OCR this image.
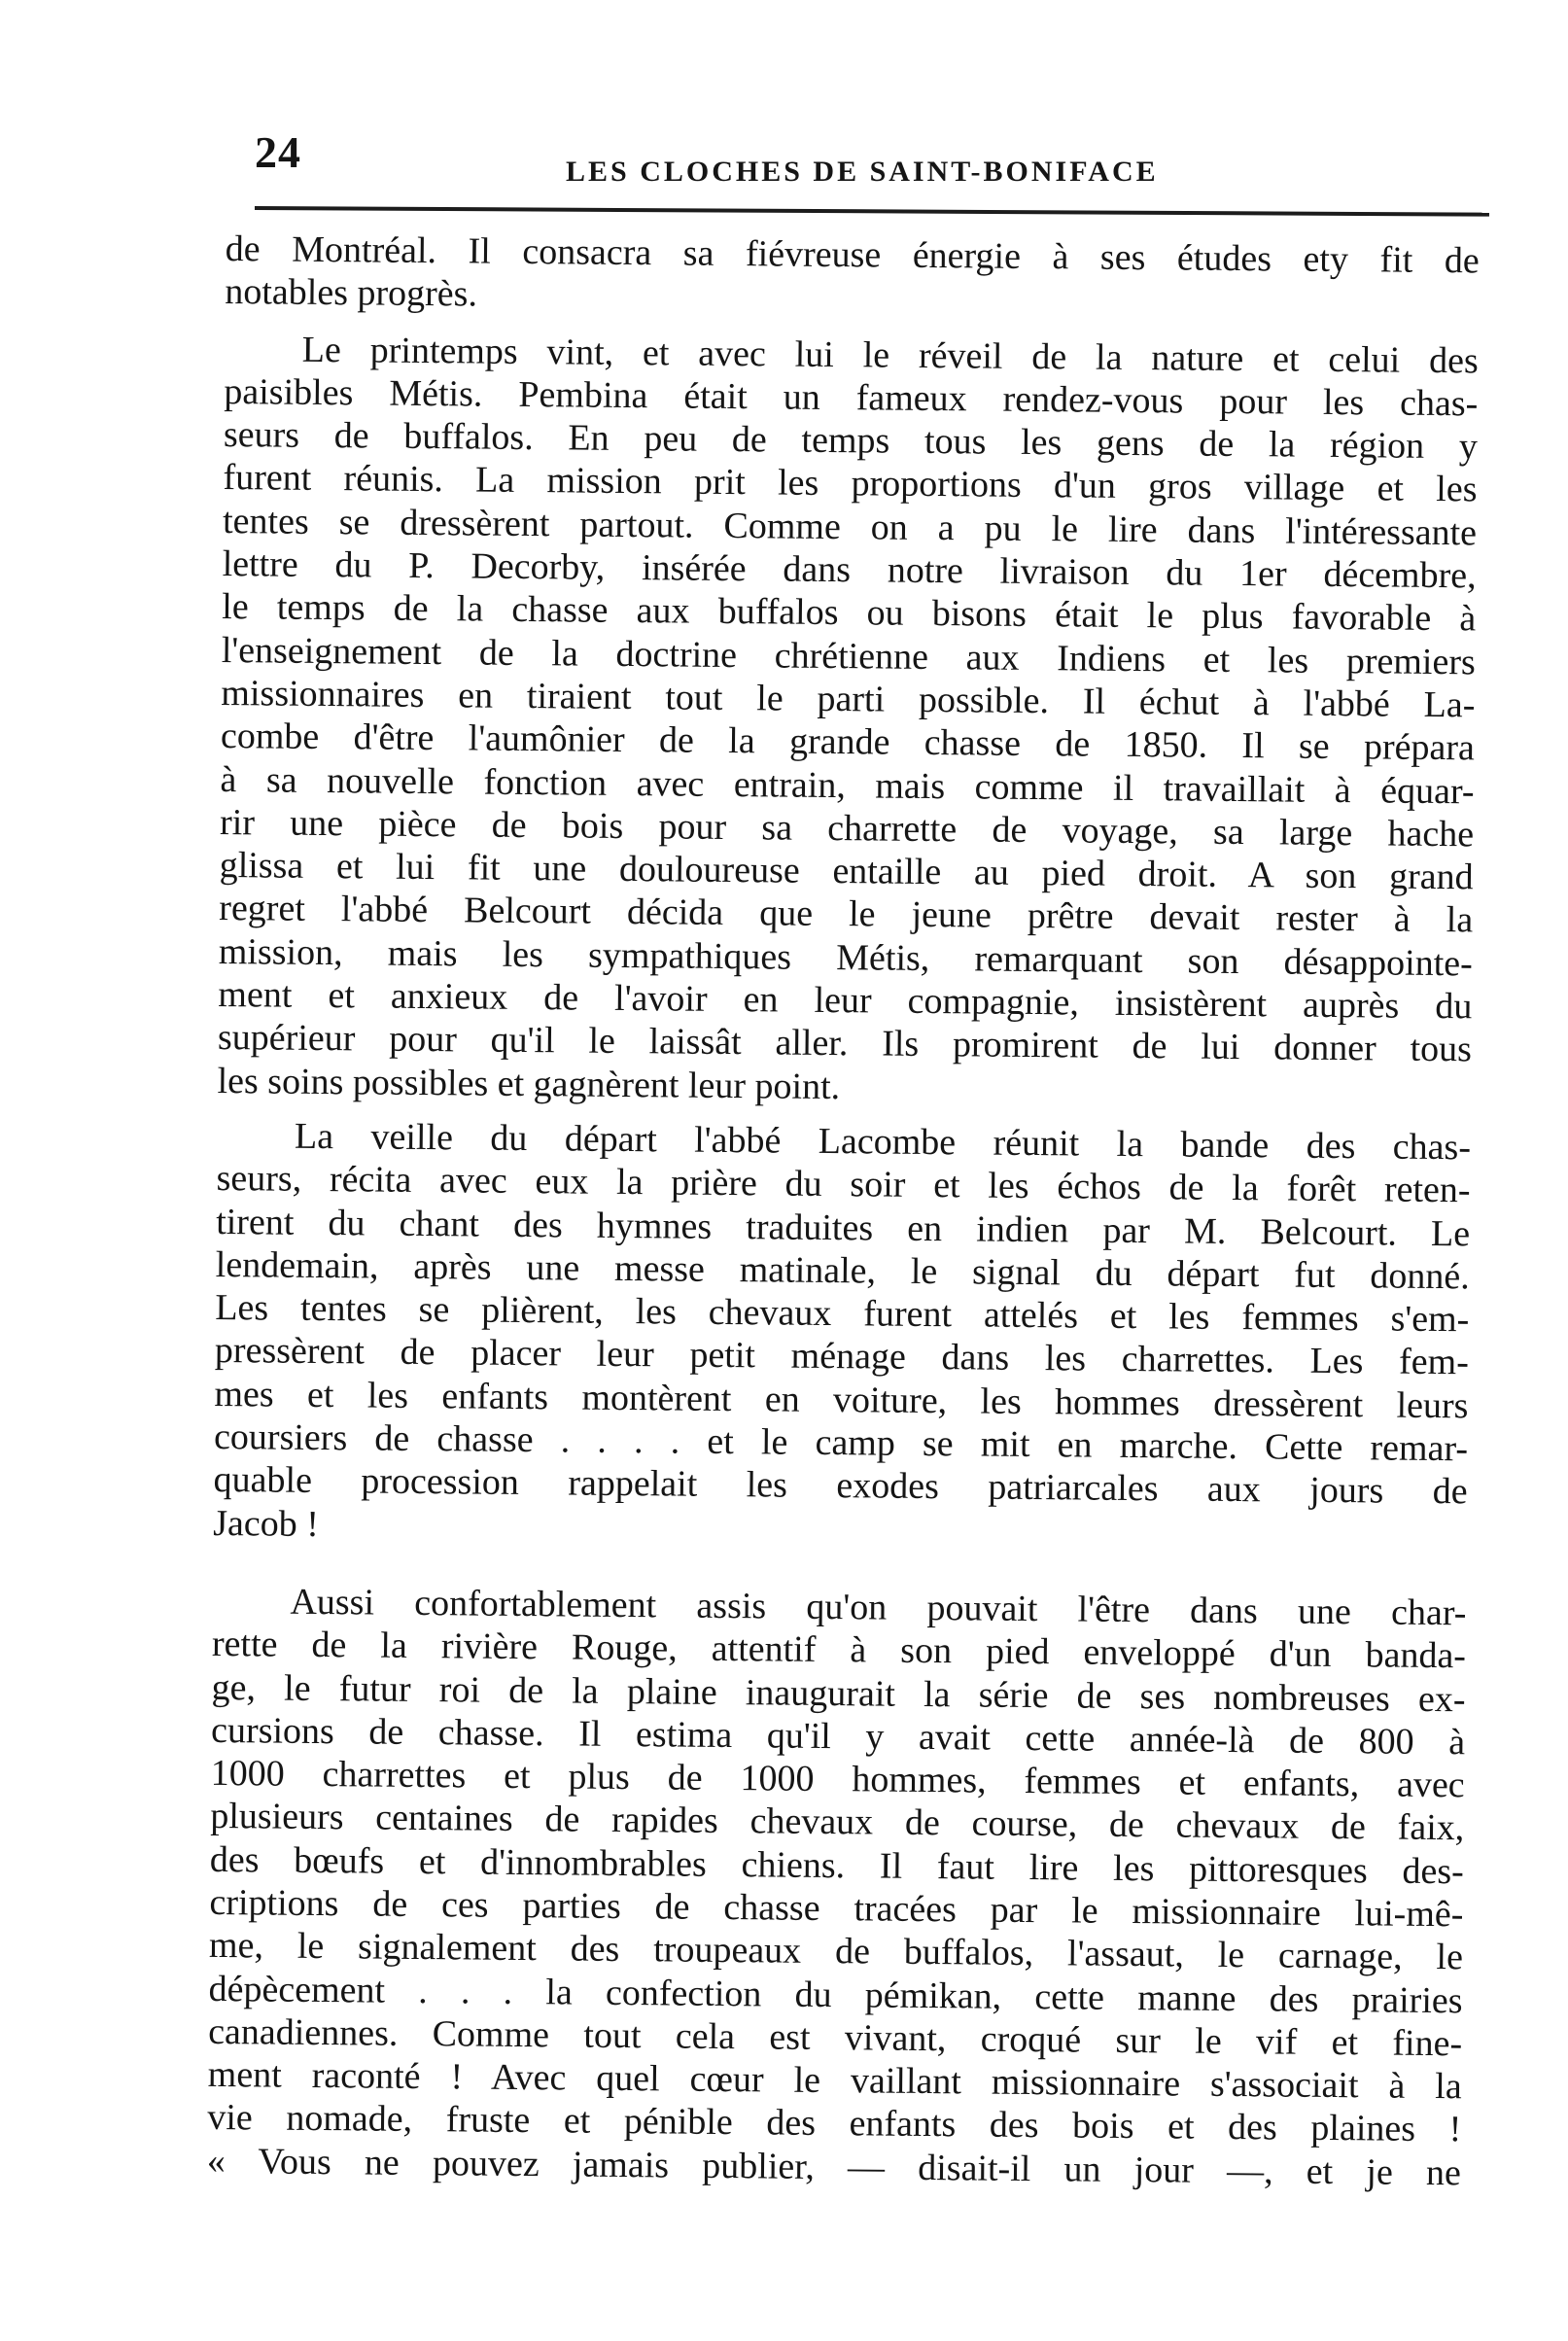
24	LES CLOCHES DE SAINT-BONIFACE

de Montréal. Il consacra sa fiévreuse énergie à ses études ety fit de
notables progrès.

Le printemps vint, et avec lui le réveil de la nature et celui des
paisibles Métis. Pembina était un fameux rendez-vous pour les chas-
seurs de buffalos. En peu de temps tous les gens de la région y
furent réunis. La mission prit les proportions d'un gros village et les
tentes se dressèrent partout. Comme on a pu le lire dans l'intéressante
lettre du P. Decorby, insérée dans notre livraison du 1er décembre,
le temps de la chasse aux buffalos ou bisons était le plus favorable à
l'enseignement de la doctrine chrétienne aux Indiens et les premiers
missionnaires en tiraient tout le parti possible. Il échut à l'abbé La-
combe d'être l'aumônier de la grande chasse de 1850. Il se prépara
à sa nouvelle fonction avec entrain, mais comme il travaillait à équar-
rir une pièce de bois pour sa charrette de voyage, sa large hache
glissa et lui fit une douloureuse entaille au pied droit. A son grand
regret l'abbé Belcourt décida que le jeune prêtre devait rester à la
mission, mais les sympathiques Métis, remarquant son désappointe-
ment et anxieux de l'avoir en leur compagnie, insistèrent auprès du
supérieur pour qu'il le laissât aller. Ils promirent de lui donner tous
les soins possibles et gagnèrent leur point.

La veille du départ l'abbé Lacombe réunit la bande des chas-
seurs, récita avec eux la prière du soir et les échos de la forêt reten-
tirent du chant des hymnes traduites en indien par M. Belcourt. Le
lendemain, après une messe matinale, le signal du départ fut donné.
Les tentes se plièrent, les chevaux furent attelés et les femmes s'em-
pressèrent de placer leur petit ménage dans les charrettes. Les fem-
mes et les enfants montèrent en voiture, les hommes dressèrent leurs
coursiers de chasse . . . . et le camp se mit en marche. Cette remar-
quable procession rappelait les exodes patriarcales aux jours de
Jacob !

Aussi confortablement assis qu'on pouvait l'être dans une char-
rette de la rivière Rouge, attentif à son pied enveloppé d'un banda-
ge, le futur roi de la plaine inaugurait la série de ses nombreuses ex-
cursions de chasse. Il estima qu'il y avait cette année-là de 800 à
1000 charrettes et plus de 1000 hommes, femmes et enfants, avec
plusieurs centaines de rapides chevaux de course, de chevaux de faix,
des bœufs et d'innombrables chiens. Il faut lire les pittoresques des-
criptions de ces parties de chasse tracées par le missionnaire lui-mê-
me, le signalement des troupeaux de buffalos, l'assaut, le carnage, le
dépècement . . . la confection du pémikan, cette manne des prairies
canadiennes. Comme tout cela est vivant, croqué sur le vif et fine-
ment raconté ! Avec quel cœur le vaillant missionnaire s'associait à la
vie nomade, fruste et pénible des enfants des bois et des plaines !
« Vous ne pouvez jamais publier, — disait-il un jour —, et je ne
